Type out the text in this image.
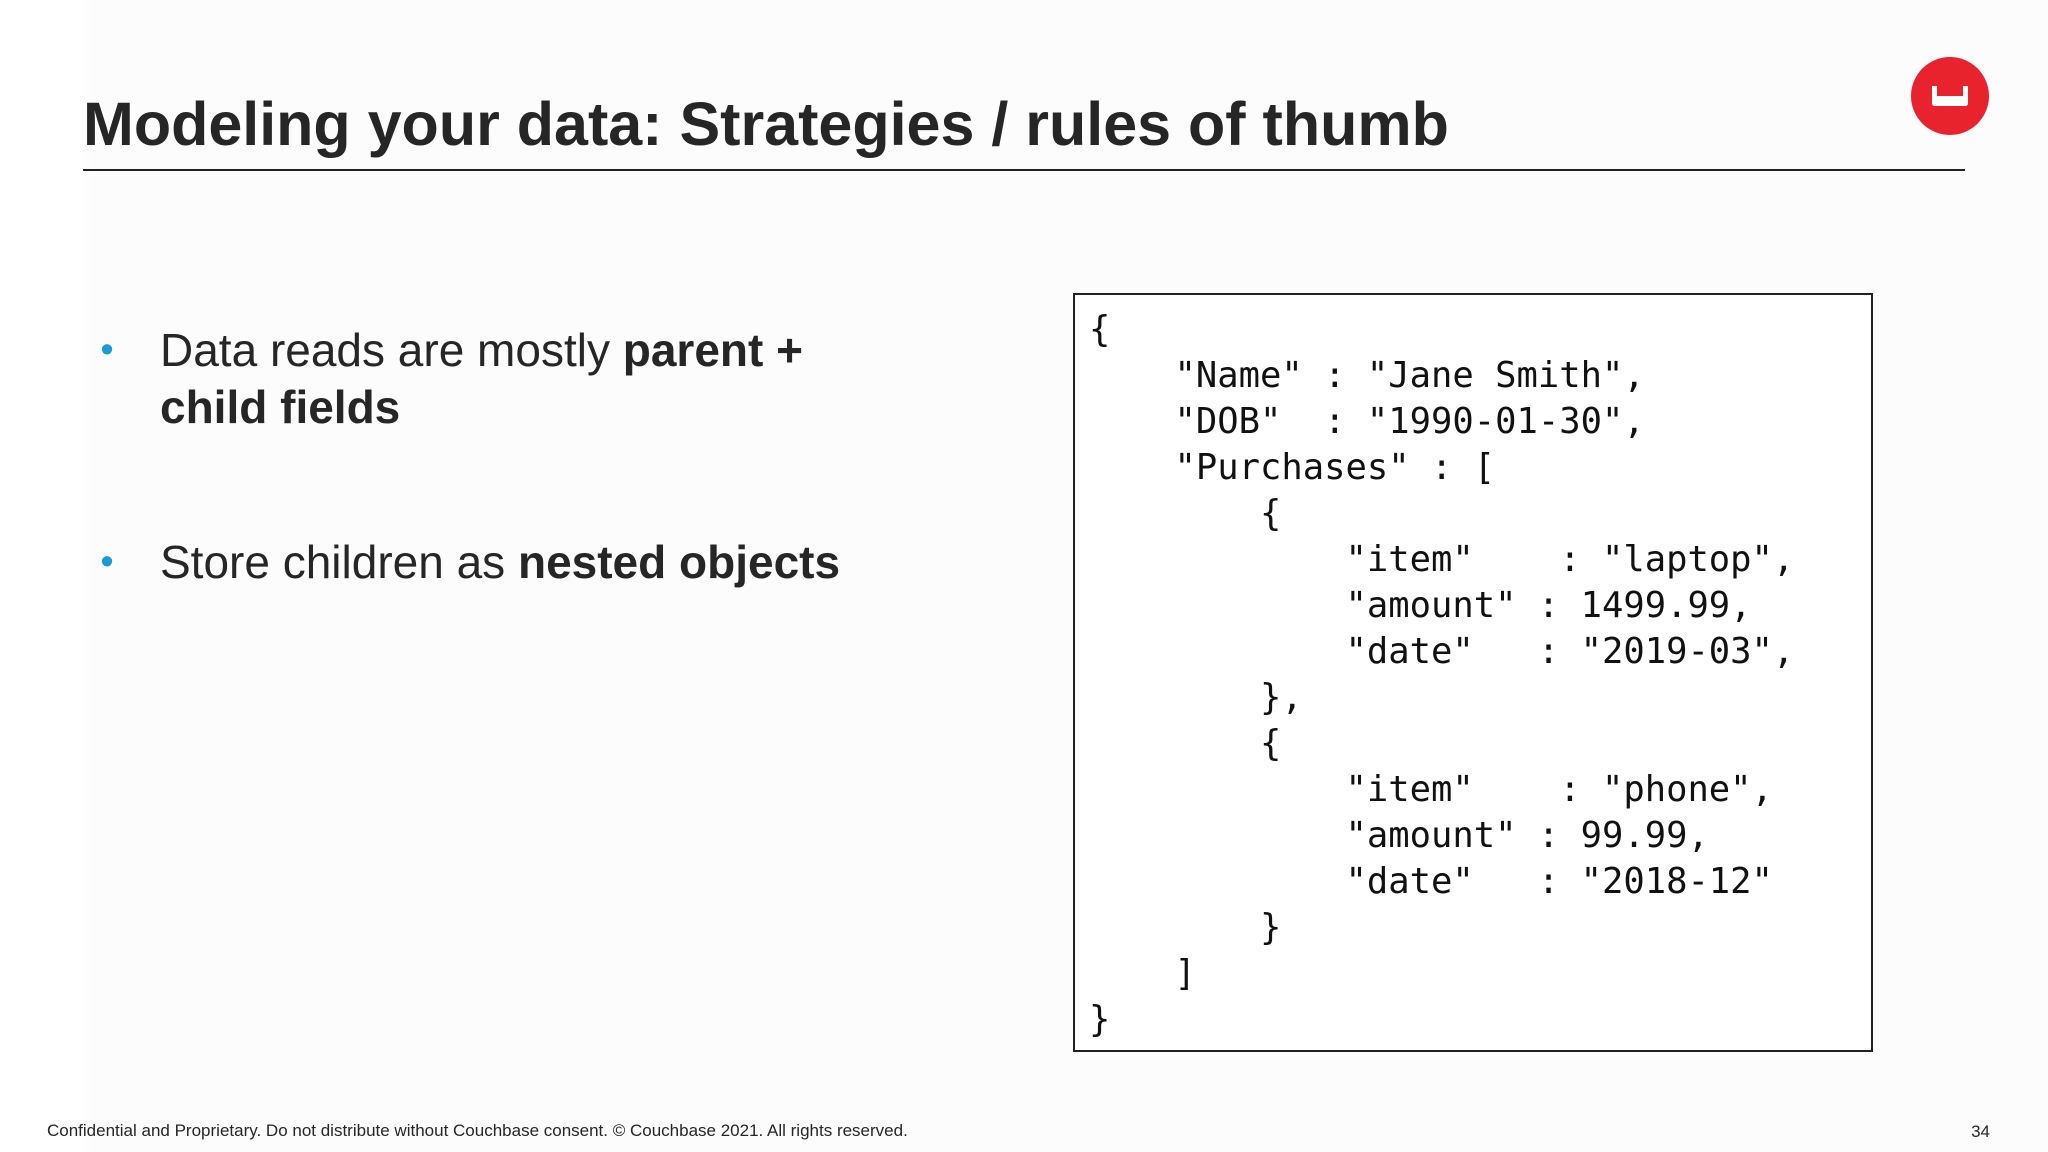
Modeling your data: Strategies / rules of thumb
• Data reads are mostly parent + child fields
• Store children as nested objects
{
"Name" : "Jane Smith",
"DOB"  : "1990-01-30",
"Purchases" : [
{
"item"    : "laptop",
"amount" : 1499.99,
"date"   : "2019-03",
},
{
"item"    : "phone",
"amount" : 99.99,
"date"   : "2018-12"
}
]
}
Confidential and Proprietary. Do not distribute without Couchbase consent. © Couchbase 2021. All rights reserved.	34
